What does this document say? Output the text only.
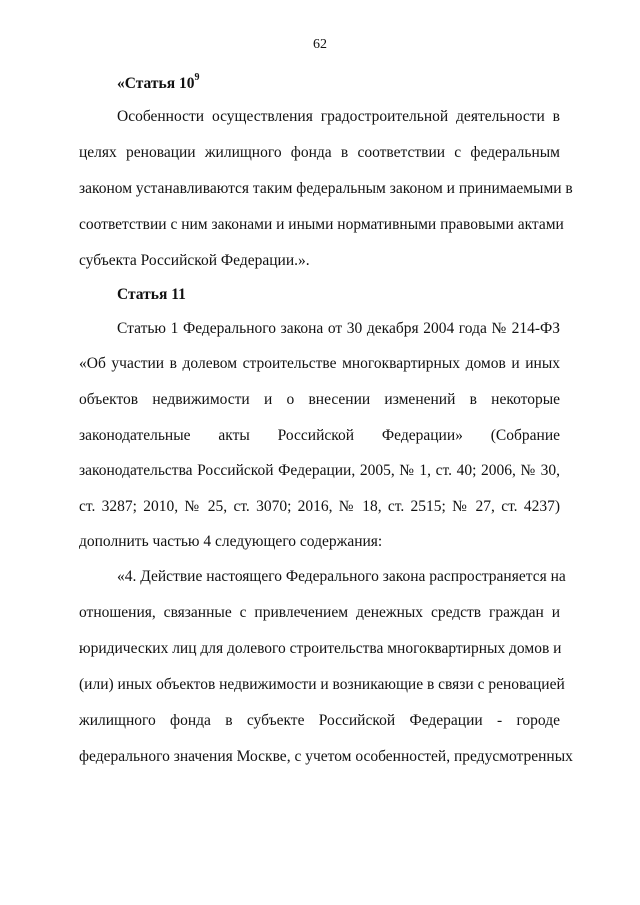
62
«Статья $10^9$
Особенности осуществления градостроительной деятельности в
целях реновации жилищного фонда в соответствии с федеральным
законом устанавливаются таким федеральным законом и принимаемыми в
соответствии с ним законами и иными нормативными правовыми актами
субъекта Российской Федерации.».
Статья 11
Статью 1 Федерального закона от 30 декабря 2004 года № 214-ФЗ
«Об участии в долевом строительстве многоквартирных домов и иных
объектов недвижимости и о внесении изменений в некоторые
законодательные акты Российской Федерации» (Собрание
законодательства Российской Федерации, 2005, № 1, ст. 40; 2006, № 30,
ст. 3287; 2010, № 25, ст. 3070; 2016, № 18, ст. 2515; № 27, ст. 4237)
дополнить частью 4 следующего содержания:
«4. Действие настоящего Федерального закона распространяется на
отношения, связанные с привлечением денежных средств граждан и
юридических лиц для долевого строительства многоквартирных домов и
(или) иных объектов недвижимости и возникающие в связи с реновацией
жилищного фонда в субъекте Российской Федерации - городе
федерального значения Москве, с учетом особенностей, предусмотренных
